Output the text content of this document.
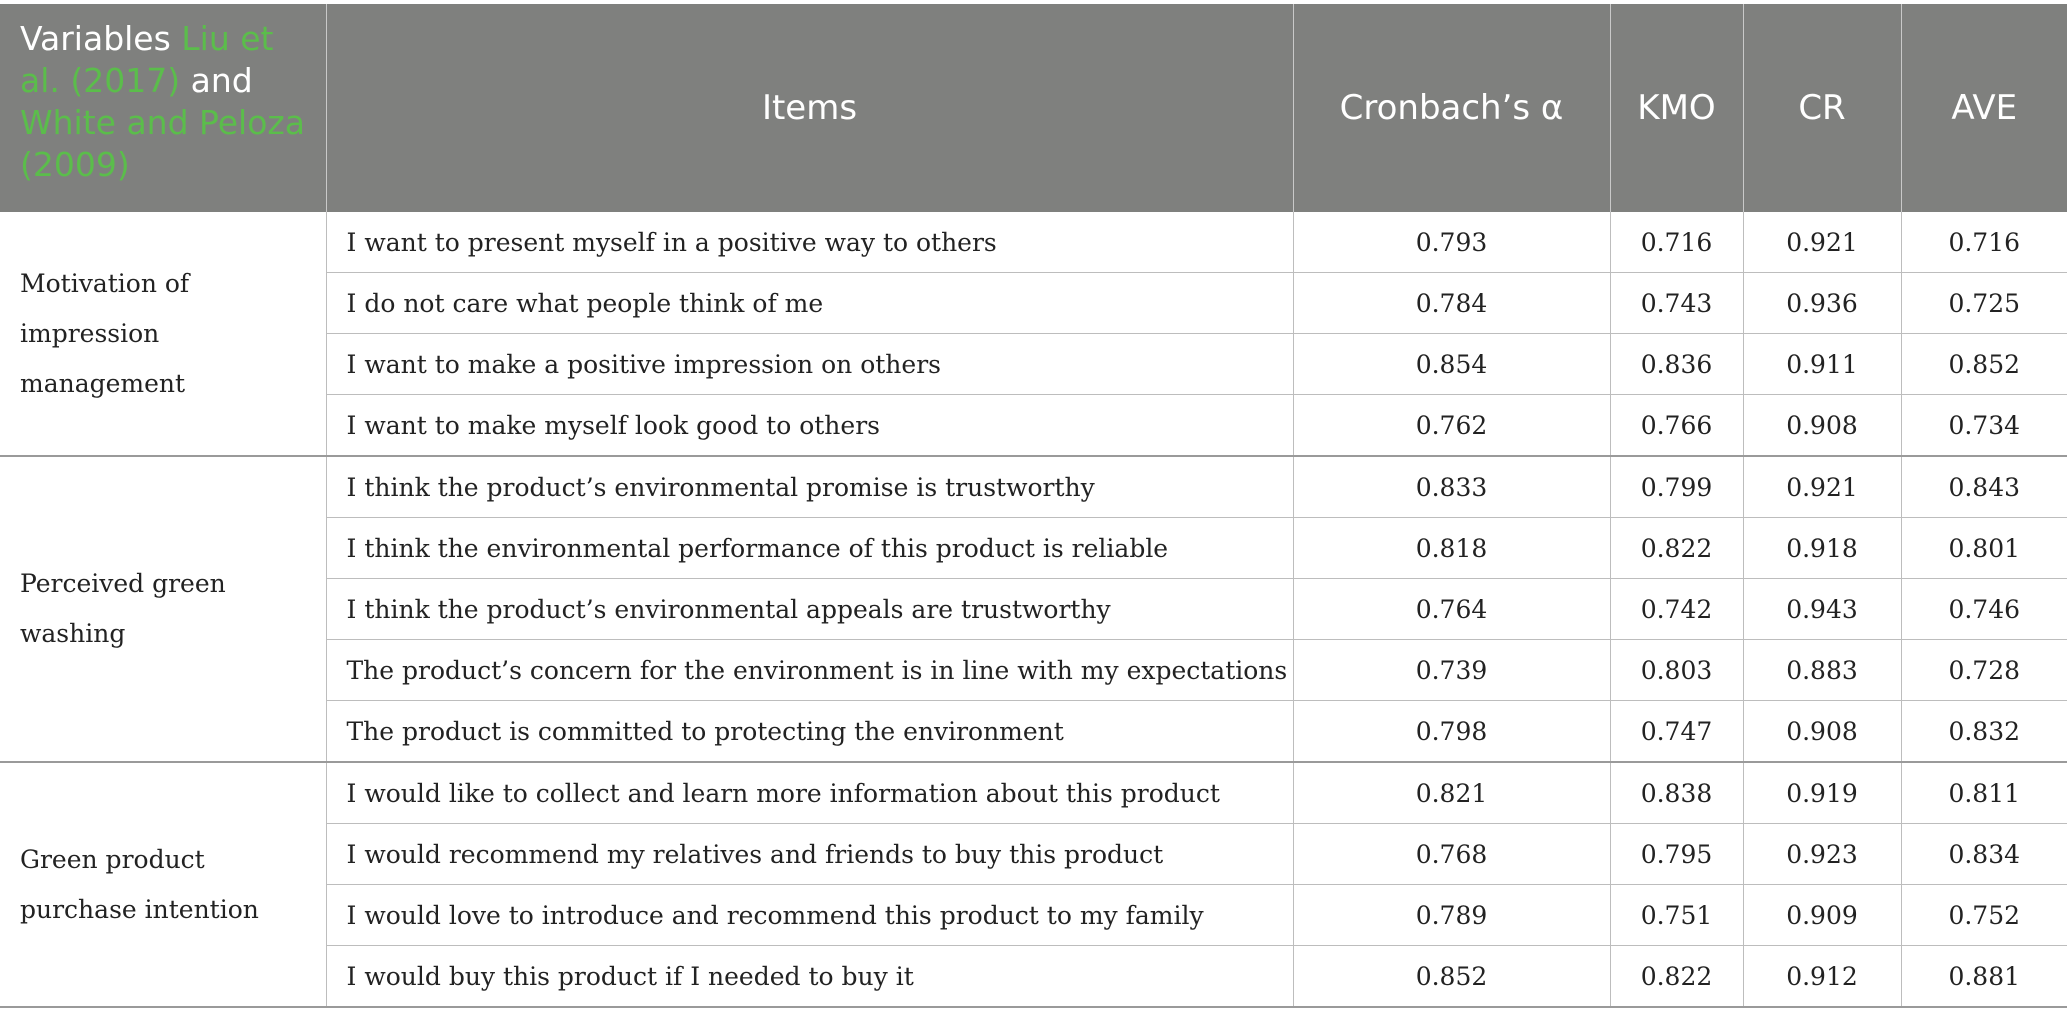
Variables Liu et al. (2017) and White and Peloza (2009)	Items	Cronbach’s α	KMO	CR	AVE
Motivation of impression management	I want to present myself in a positive way to others	0.793	0.716	0.921	0.716
	I do not care what people think of me	0.784	0.743	0.936	0.725
	I want to make a positive impression on others	0.854	0.836	0.911	0.852
	I want to make myself look good to others	0.762	0.766	0.908	0.734
Perceived green washing	I think the product’s environmental promise is trustworthy	0.833	0.799	0.921	0.843
	I think the environmental performance of this product is reliable	0.818	0.822	0.918	0.801
	I think the product’s environmental appeals are trustworthy	0.764	0.742	0.943	0.746
	The product’s concern for the environment is in line with my expectations	0.739	0.803	0.883	0.728
	The product is committed to protecting the environment	0.798	0.747	0.908	0.832
Green product purchase intention	I would like to collect and learn more information about this product	0.821	0.838	0.919	0.811
	I would recommend my relatives and friends to buy this product	0.768	0.795	0.923	0.834
	I would love to introduce and recommend this product to my family	0.789	0.751	0.909	0.752
	I would buy this product if I needed to buy it	0.852	0.822	0.912	0.881
